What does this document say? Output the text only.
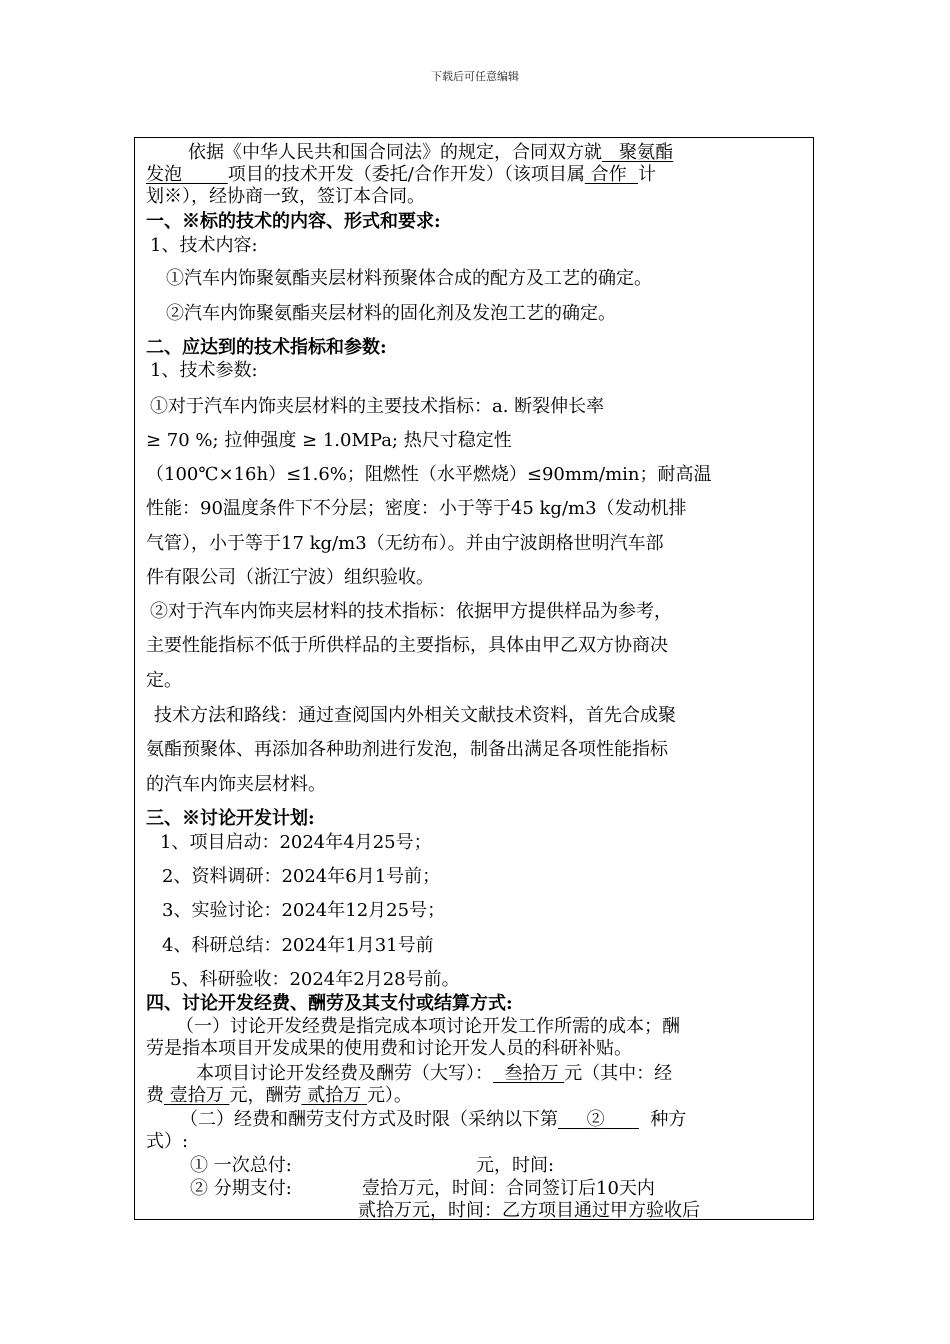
下载后可任意编辑
依据《中华人民共和国合同法》的规定，合同双方就 聚氨酯
发泡	项目的技术开发（委托/合作开发）（该项目属 合作 计
划※），经协商一致，签订本合同。
一、※标的技术的内容、形式和要求:
1、技术内容:
①汽车内饰聚氨酯夹层材料预聚体合成的配方及工艺的确定。
②汽车内饰聚氨酯夹层材料的固化剂及发泡工艺的确定。
二、应达到的技术指标和参数:
1、技术参数:
①对于汽车内饰夹层材料的主要技术指标：a. 断裂伸长率
≥ 70 %; 拉伸强度 ≥ 1.0MPa; 热尺寸稳定性
（100℃×16h）≤1.6%；阻燃性（水平燃烧）≤90mm/min；耐高温
性能：90温度条件下不分层；密度：小于等于45 kg/m3（发动机排
气管），小于等于17 kg/m3（无纺布）。并由宁波朗格世明汽车部
件有限公司（浙江宁波）组织验收。
②对于汽车内饰夹层材料的技术指标：依据甲方提供样品为参考，
主要性能指标不低于所供样品的主要指标，具体由甲乙双方协商决
定。
技术方法和路线：通过查阅国内外相关文献技术资料，首先合成聚
氨酯预聚体、再添加各种助剂进行发泡，制备出满足各项性能指标
的汽车内饰夹层材料。
三、※讨论开发计划:
1、项目启动：2024年4月25号；
2、资料调研：2024年6月1号前；
3、实验讨论：2024年12月25号；
4、科研总结：2024年1月31号前
5、科研验收：2024年2月28号前。
四、讨论开发经费、酬劳及其支付或结算方式:
（一）讨论开发经费是指完成本项讨论开发工作所需的成本；酬
劳是指本项目开发成果的使用费和讨论开发人员的科研补贴。
本项目讨论开发经费及酬劳（大写）： 叁拾万 元（其中：经
费 壹拾万 元，酬劳 贰拾万 元）。
（二）经费和酬劳支付方式及时限（采纳以下第 ②	种方
式）:
① 一次总付:	元，时间:
② 分期支付:	壹拾万元，时间：合同签订后10天内
贰拾万元，时间：乙方项目通过甲方验收后
